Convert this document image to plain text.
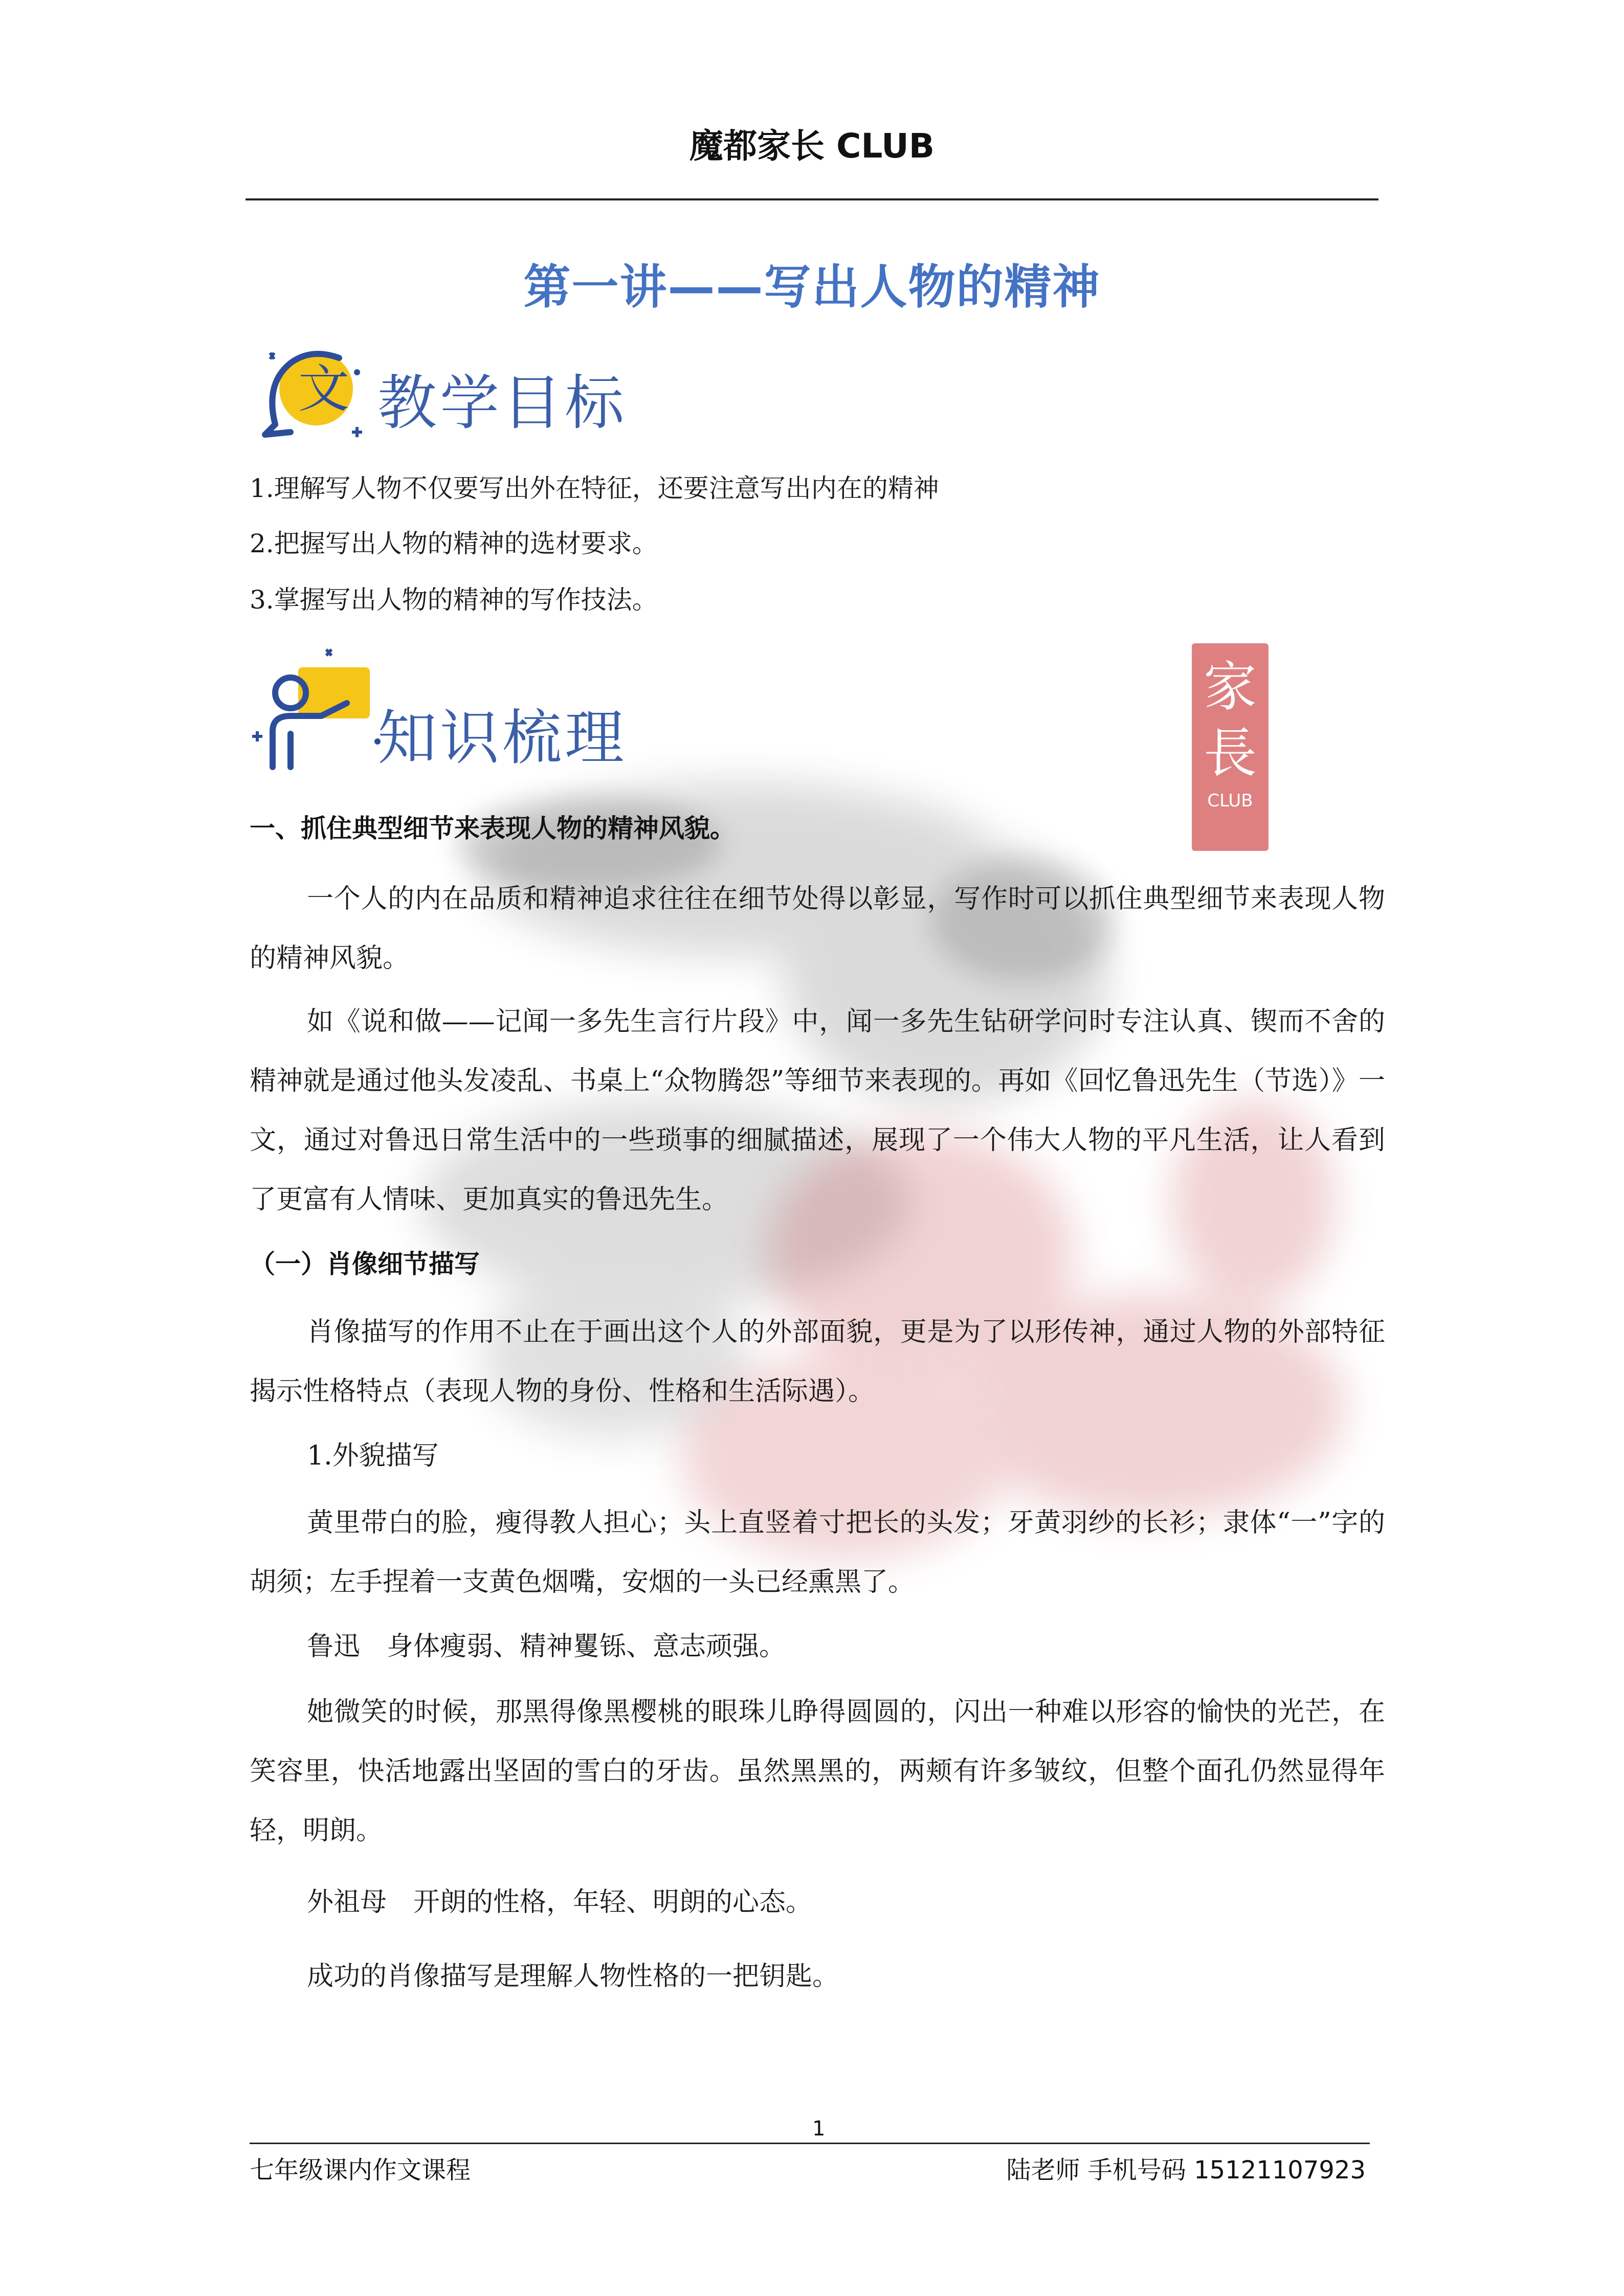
魔都家长 CLUB
第一讲——写出人物的精神
文 教学目标
1.理解写人物不仅要写出外在特征，还要注意写出内在的精神
2.把握写出人物的精神的选材要求。
3.掌握写出人物的精神的写作技法。
知识梳理
家
長
CLUB
一、抓住典型细节来表现人物的精神风貌。
一个人的内在品质和精神追求往往在细节处得以彰显，写作时可以抓住典型细节来表现人物的精神风貌。
如《说和做——记闻一多先生言行片段》中，闻一多先生钻研学问时专注认真、锲而不舍的精神就是通过他头发凌乱、书桌上“众物腾怨”等细节来表现的。再如《回忆鲁迅先生（节选）》一文，通过对鲁迅日常生活中的一些琐事的细腻描述，展现了一个伟大人物的平凡生活，让人看到了更富有人情味、更加真实的鲁迅先生。
（一）肖像细节描写
肖像描写的作用不止在于画出这个人的外部面貌，更是为了以形传神，通过人物的外部特征揭示性格特点（表现人物的身份、性格和生活际遇）。
1.外貌描写
黄里带白的脸，瘦得教人担心；头上直竖着寸把长的头发；牙黄羽纱的长衫；隶体“一”字的胡须；左手捏着一支黄色烟嘴，安烟的一头已经熏黑了。
鲁迅　身体瘦弱、精神矍铄、意志顽强。
她微笑的时候，那黑得像黑樱桃的眼珠儿睁得圆圆的，闪出一种难以形容的愉快的光芒，在笑容里，快活地露出坚固的雪白的牙齿。虽然黑黑的，两颊有许多皱纹，但整个面孔仍然显得年轻，明朗。
外祖母　开朗的性格，年轻、明朗的心态。
成功的肖像描写是理解人物性格的一把钥匙。
1
七年级课内作文课程	陆老师 手机号码 15121107923
